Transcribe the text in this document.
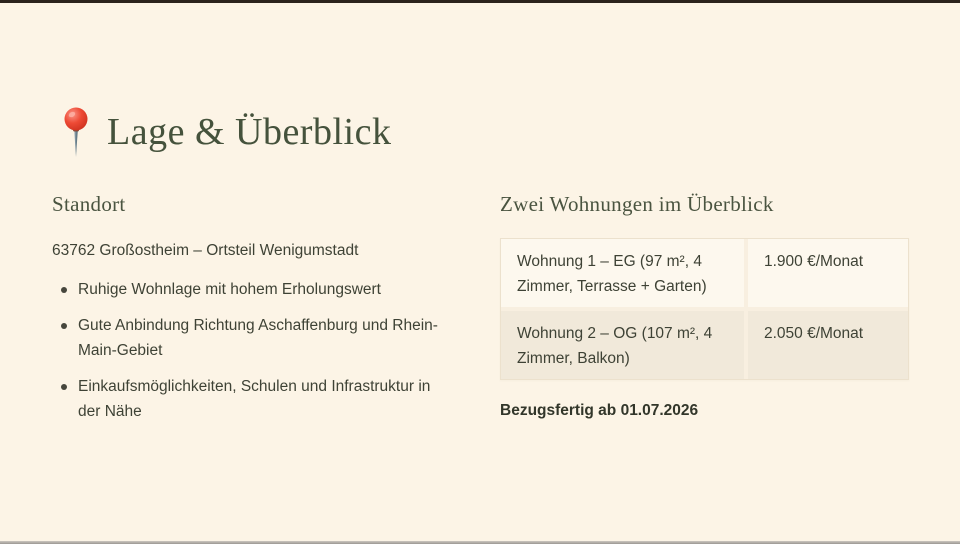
Lage & Überblick
Standort

63762 Großostheim – Ortsteil Wenigumstadt

Ruhige Wohnlage mit hohem Erholungswert
Gute Anbindung Richtung Aschaffenburg und Rhein-Main-Gebiet
Einkaufsmöglichkeiten, Schulen und Infrastruktur in der Nähe
Zwei Wohnungen im Überblick
Wohnung 1 – EG (97 m², 4 Zimmer, Terrasse + Garten)
1.900 €/Monat
Wohnung 2 – OG (107 m², 4 Zimmer, Balkon)
2.050 €/Monat

Bezugsfertig ab 01.07.2026
